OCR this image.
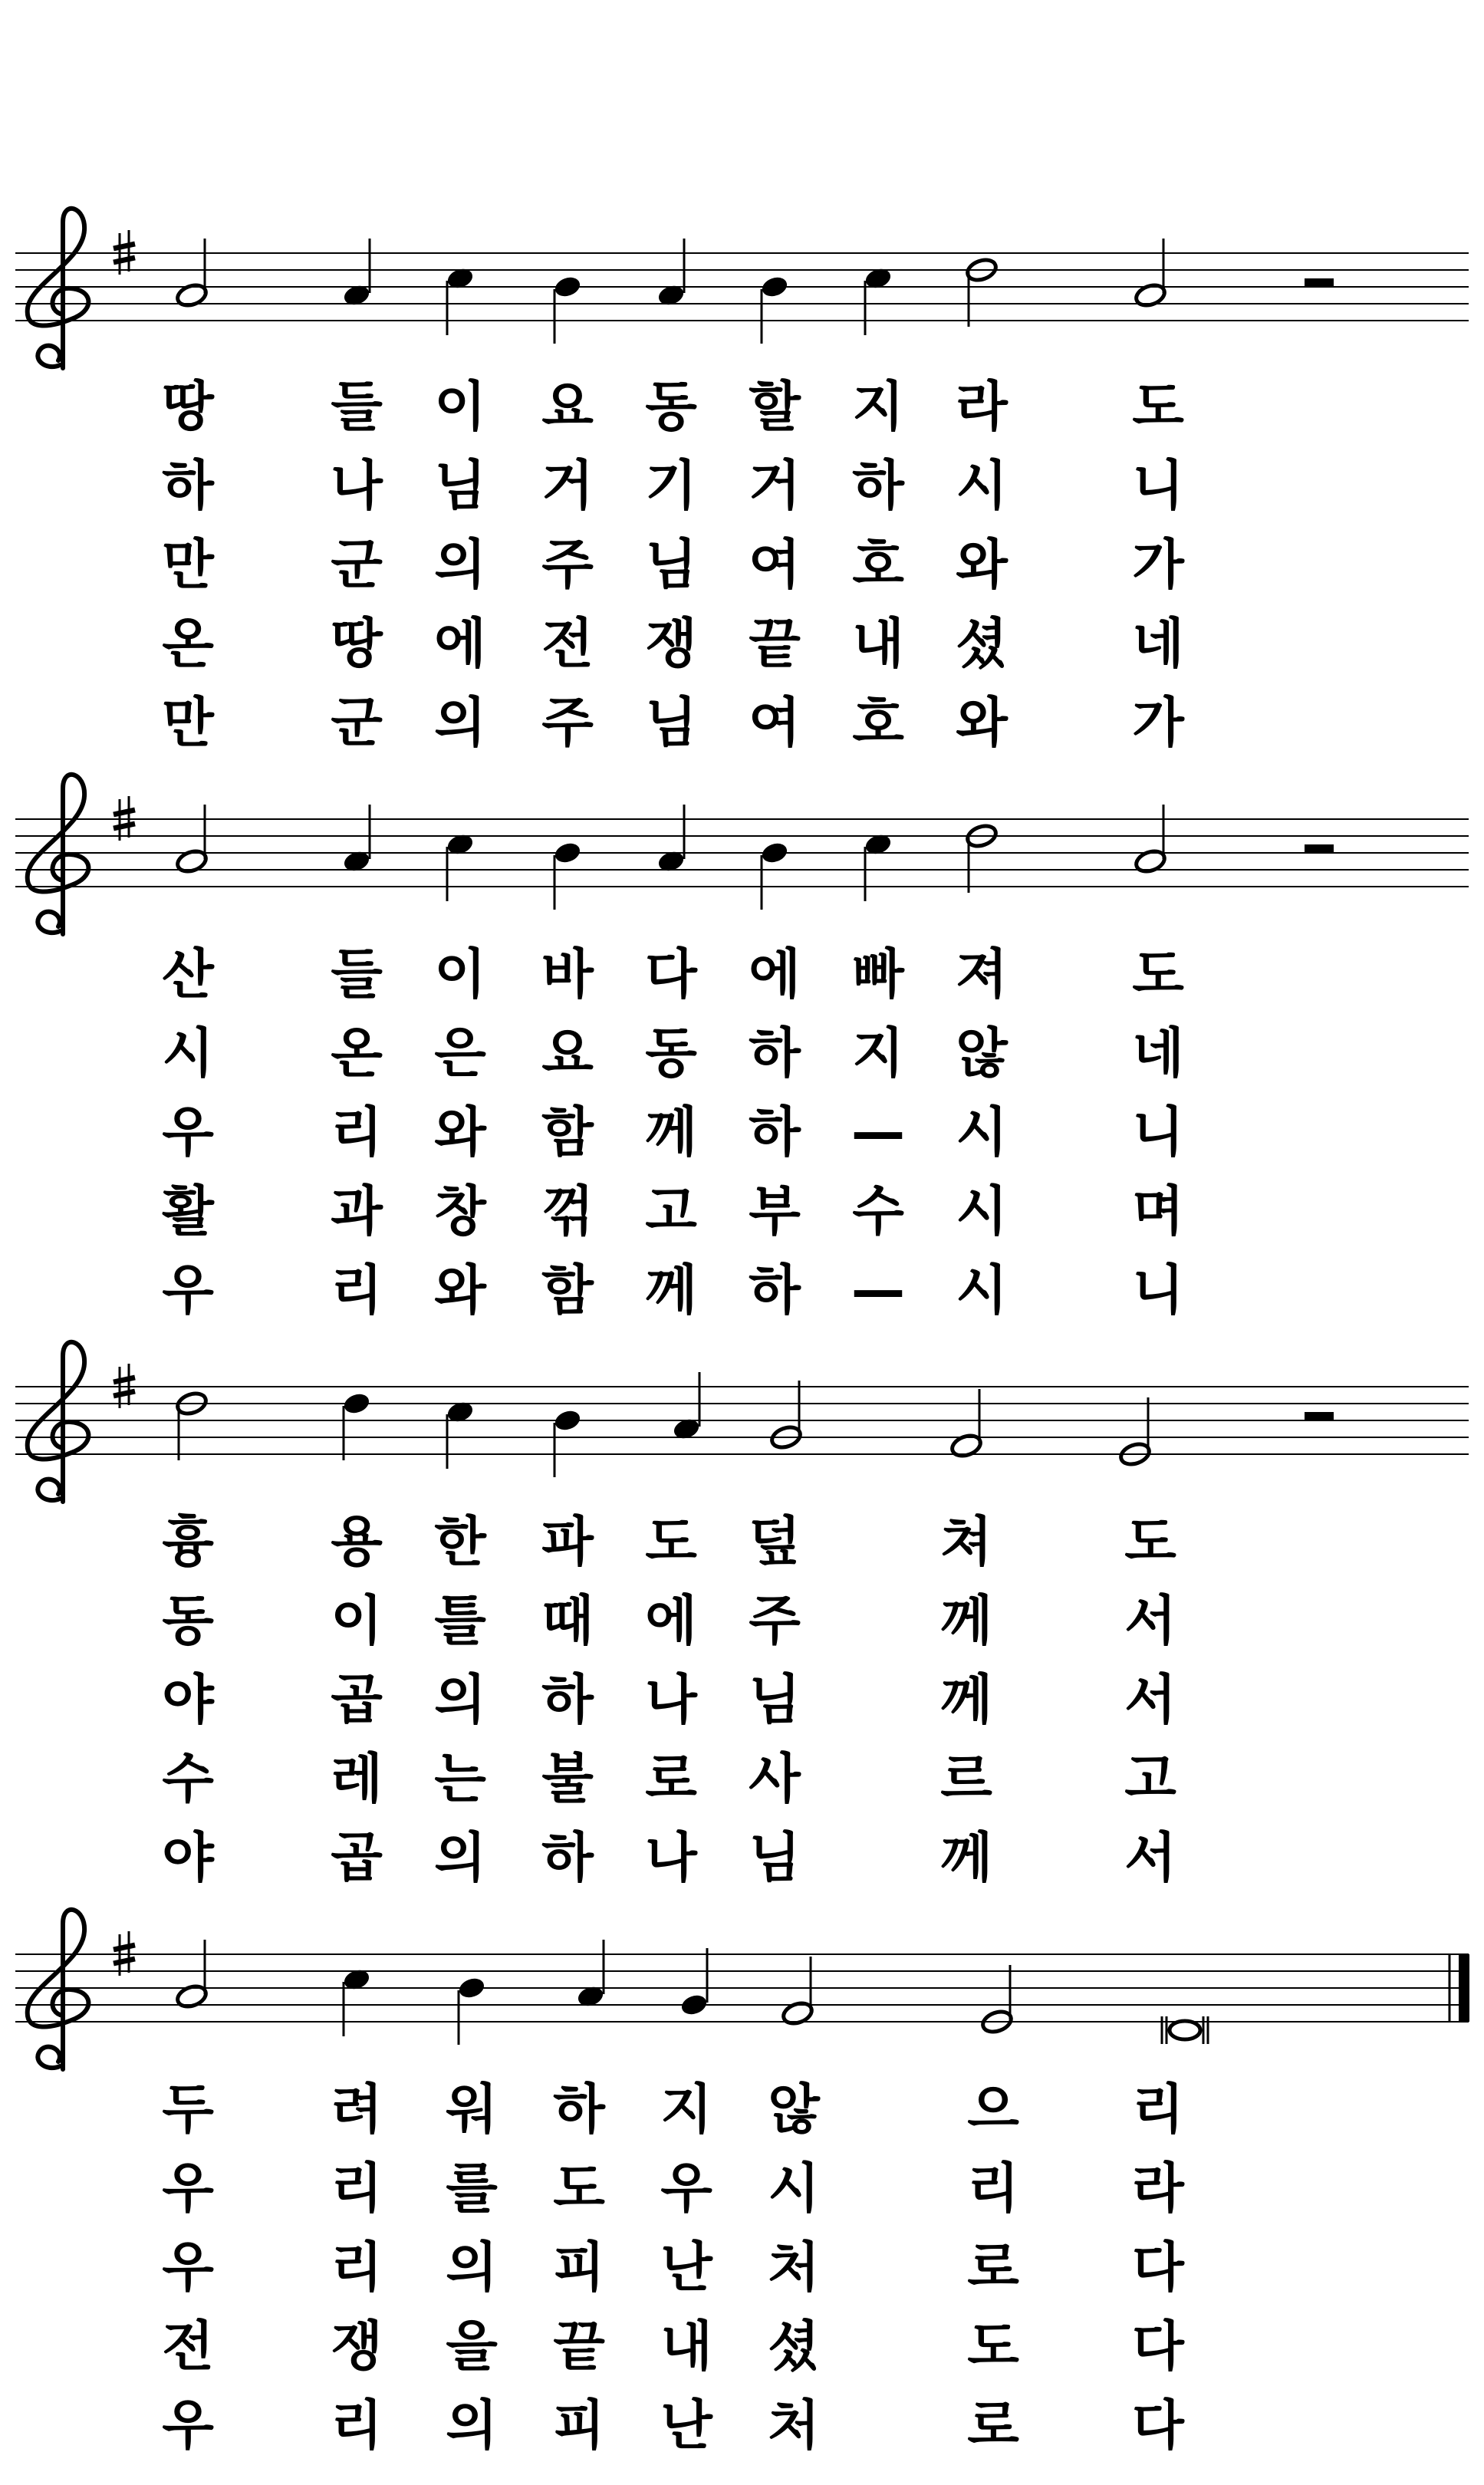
땅	들 이	요 동 할 지 라	도
하	나 님	거 기 거 하 시	니
만	군 의	주 님 여 호 와	가
온	땅 에	전 쟁 끝 내 셨	네
만	군 의	주 님 여 호 와	가
산	들 이	바 다 에 빠 져	도
시	온 은	요 동 하 지 않	네
우	리 와	함 께 하 — 시	니
활	과 창	꺾 고 부 수 시	며
우	리 와	함 께 하 — 시	니
흉	용 한	파 도 덮	쳐	도
동	이 틀	때 에 주	께	서
야	곱 의	하 나 님	께	서
수	레 는	불 로 사	르	고
야	곱 의	하 나 님	께	서
두	려	워	하	지	않	으	리
우	리	를	도	우	시	리	라
우	리	의	피	난	처	로	다
전	쟁	을	끝	내	셨	도	다
우	리	의	피	난	처	로	다
